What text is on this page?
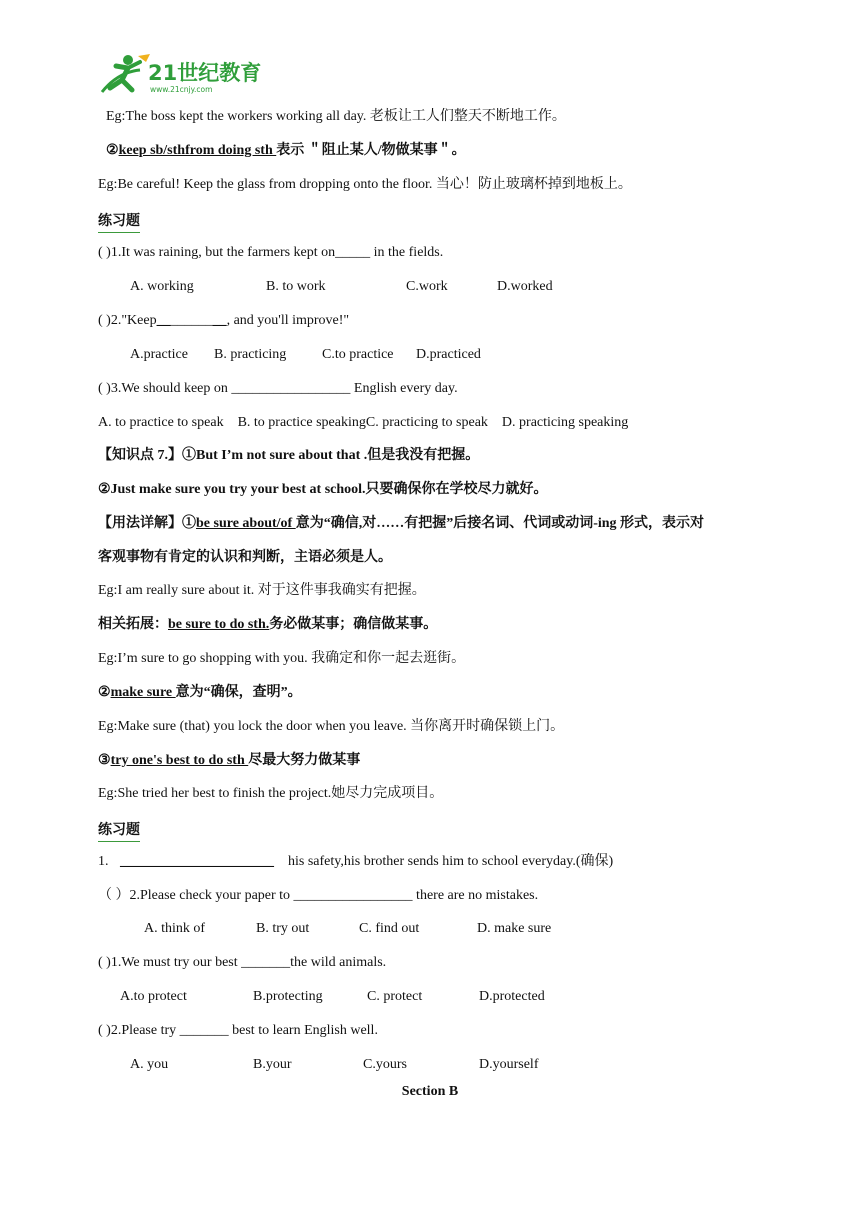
21世纪教育
www.21cnjy.com
Eg:The boss kept the workers working all day. 老板让工人们整天不断地工作。
②keep sb/sthfrom doing sth 表示 ＂阻止某人/物做某事＂。
Eg:Be careful! Keep the glass from dropping onto the floor. 当心！防止玻璃杯掉到地板上。
练习题
( )1.It was raining, but the farmers kept on_____ in the fields.
A. working	B. to work	C.work	D.worked
( )2."Keep__________, and you'll improve!"
A.practice B. practicing	C.to practice D.practiced
( )3.We should keep on _________________ English every day.
A. to practice to speak    B. to practice speakingC. practicing to speak    D. practicing speaking
【知识点 7.】①But I’m not sure about that .但是我没有把握。
②Just make sure you try your best at school.只要确保你在学校尽力就好。
【用法详解】①be sure about/of 意为“确信,对……有把握”后接名词、代词或动词-ing 形式，表示对
客观事物有肯定的认识和判断，主语必须是人。
Eg:I am really sure about it. 对于这件事我确实有把握。
相关拓展：be sure to do sth.务必做某事；确信做某事。
Eg:I’m sure to go shopping with you. 我确定和你一起去逛街。
②make sure 意为“确保，查明”。
Eg:Make sure (that) you lock the door when you leave. 当你离开时确保锁上门。
③try one's best to do sth 尽最大努力做某事
Eg:She tried her best to finish the project.她尽力完成项目。
练习题
1. ______________________ his safety,his brother sends him to school everyday.(确保)
（ ）2.Please check your paper to _________________ there are no mistakes.
A. think of	B. try out	C. find out	D. make sure
( )1.We must try our best _______the wild animals.
A.to protect	B.protecting	C. protect	D.protected
( )2.Please try _______ best to learn English well.
A. you	B.your	C.yours	D.yourself
Section B
